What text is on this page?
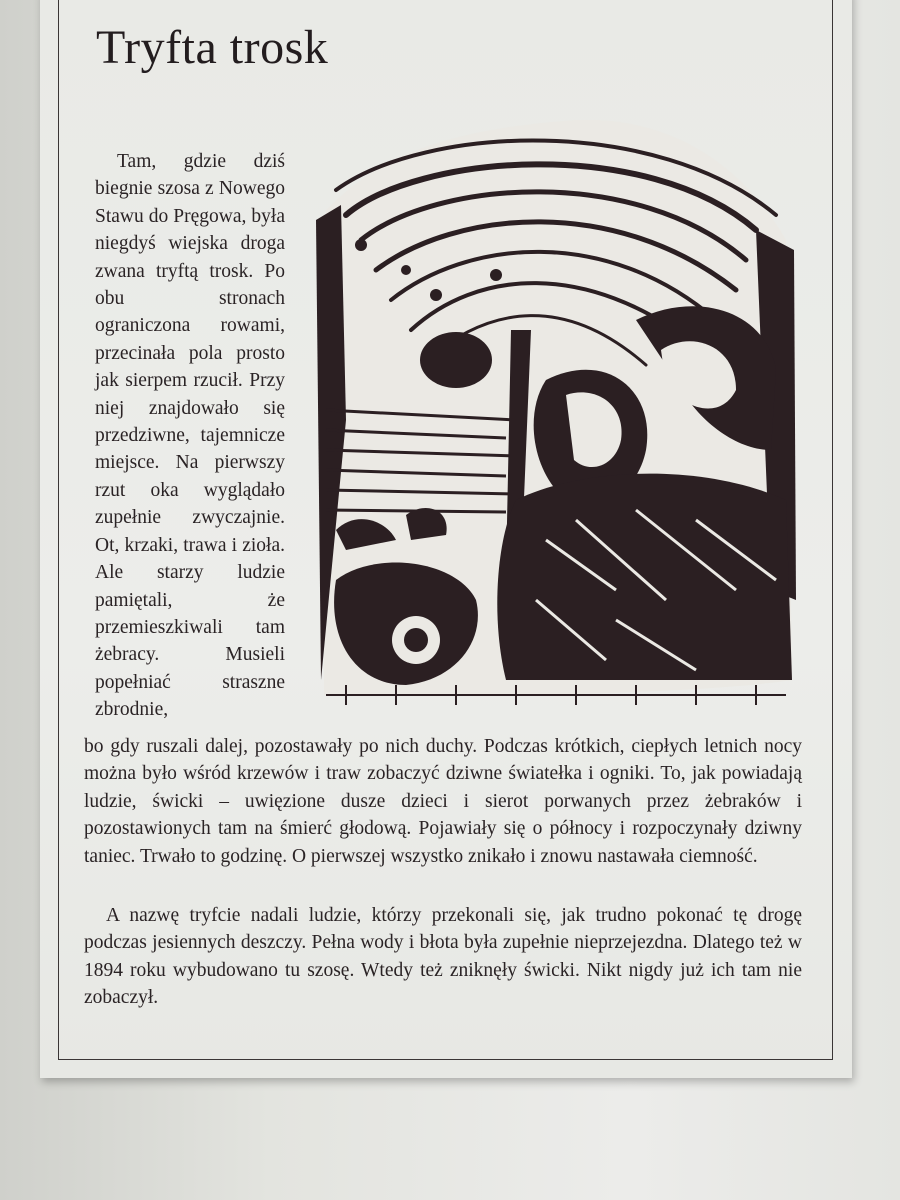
Tryfta trosk

Tam, gdzie dziś biegnie szosa z Nowego Stawu do Pręgowa, była niegdyś wiejska droga zwana tryftą trosk. Po obu stronach ograniczona rowami, przecinała pola prosto jak sierpem rzucił. Przy niej znajdowało się przedziwne, tajemnicze miejsce. Na pierwszy rzut oka wyglądało zupełnie zwyczajnie. Ot, krzaki, trawa i zioła. Ale starzy ludzie pamiętali, że przemieszkiwali tam żebracy. Musieli popełniać straszne zbrodnie,

bo gdy ruszali dalej, pozostawały po nich duchy. Podczas krótkich, ciepłych letnich nocy można było wśród krzewów i traw zobaczyć dziwne światełka i ogniki. To, jak powiadają ludzie, świcki – uwięzione dusze dzieci i sierot porwanych przez żebraków i pozostawionych tam na śmierć głodową. Pojawiały się o północy i rozpoczynały dziwny taniec. Trwało to godzinę. O pierwszej wszystko znikało i znowu nastawała ciemność.

A nazwę tryfcie nadali ludzie, którzy przekonali się, jak trudno pokonać tę drogę podczas jesiennych deszczy. Pełna wody i błota była zupełnie nieprzejezdna. Dlatego też w 1894 roku wybudowano tu szosę. Wtedy też zniknęły świcki. Nikt nigdy już ich tam nie zobaczył.
